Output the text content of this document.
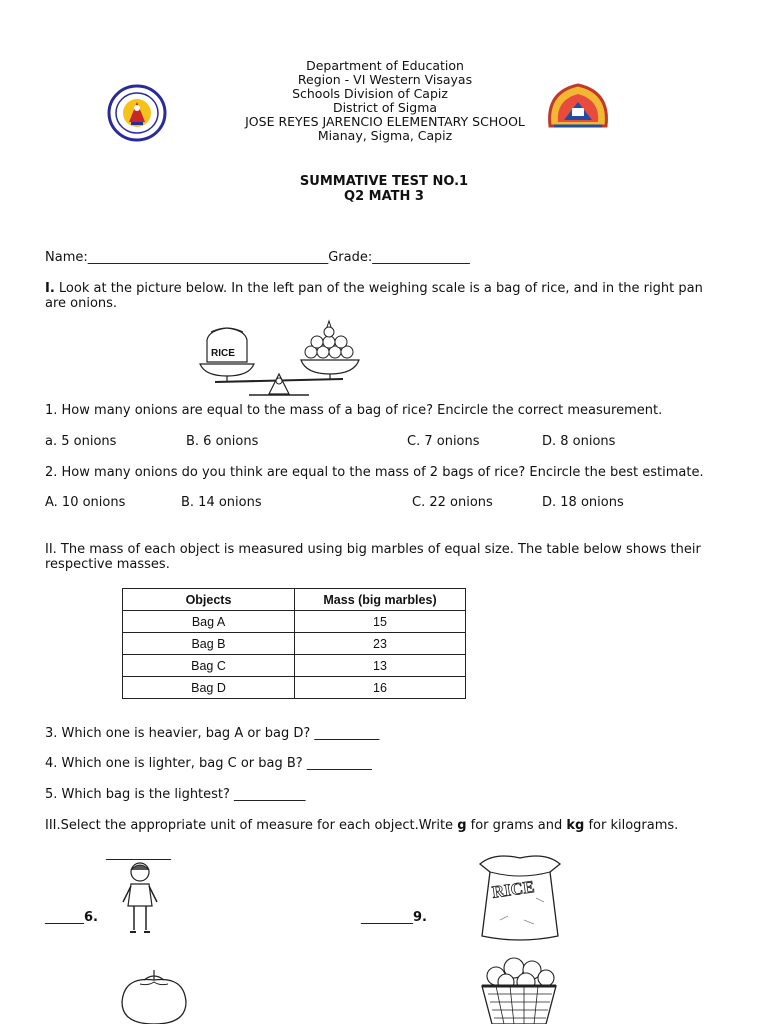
Department of Education
Region - VI Western Visayas
Schools Division of Capiz
District of Sigma
JOSE REYES JARENCIO ELEMENTARY SCHOOL
Mianay, Sigma, Capiz
SUMMATIVE TEST NO.1
Q2 MATH 3
Name:_____________________________________Grade:_______________
I. Look at the picture below. In the left pan of the weighing scale is a bag of rice, and in the right pan are onions.
RICE
1. How many onions are equal to the mass of a bag of rice? Encircle the correct measurement.
a. 5 onions	B. 6 onions	C. 7 onions	D. 8 onions
2. How many onions do you think are equal to the mass of 2 bags of rice? Encircle the best estimate.
A. 10 onions	B. 14 onions	C. 22 onions	D. 18 onions
II. The mass of each object is measured using big marbles of equal size. The table below shows their respective masses.
Objects	Mass (big marbles)
Bag A	15
Bag B	23
Bag C	13
Bag D	16
3. Which one is heavier, bag A or bag D? __________
4. Which one is lighter, bag C or bag B? __________
5. Which bag is the lightest? ___________
III.Select the appropriate unit of measure for each object.Write g for grams and kg for kilograms.
__________
______6.
RICE
________9.
